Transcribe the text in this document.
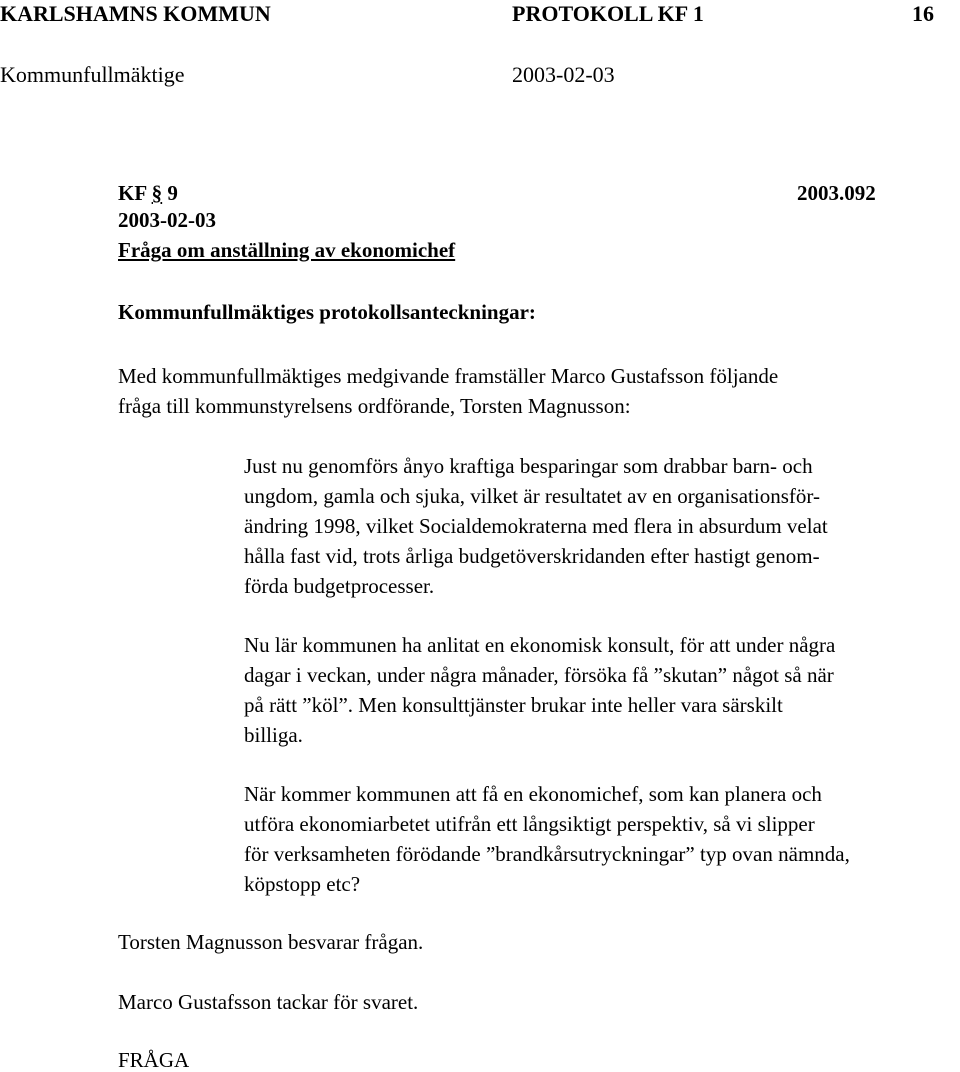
KARLSHAMNS KOMMUN	PROTOKOLL KF 1	16
Kommunfullmäktige	2003-02-03
KF § 9	2003.092
2003-02-03
Fråga om anställning av ekonomichef
Kommunfullmäktiges protokollsanteckningar:
Med kommunfullmäktiges medgivande framställer Marco Gustafsson följande
fråga till kommunstyrelsens ordförande, Torsten Magnusson:
Just nu genomförs ånyo kraftiga besparingar som drabbar barn- och
ungdom, gamla och sjuka, vilket är resultatet av en organisationsför-
ändring 1998, vilket Socialdemokraterna med flera in absurdum velat
hålla fast vid, trots årliga budgetöverskridanden efter hastigt genom-
förda budgetprocesser.
Nu lär kommunen ha anlitat en ekonomisk konsult, för att under några
dagar i veckan, under några månader, försöka få ”skutan” något så när
på rätt ”köl”. Men konsulttjänster brukar inte heller vara särskilt
billiga.
När kommer kommunen att få en ekonomichef, som kan planera och
utföra ekonomiarbetet utifrån ett långsiktigt perspektiv, så vi slipper
för verksamheten förödande ”brandkårsutryckningar” typ ovan nämnda,
köpstopp etc?
Torsten Magnusson besvarar frågan.
Marco Gustafsson tackar för svaret.
FRÅGA
